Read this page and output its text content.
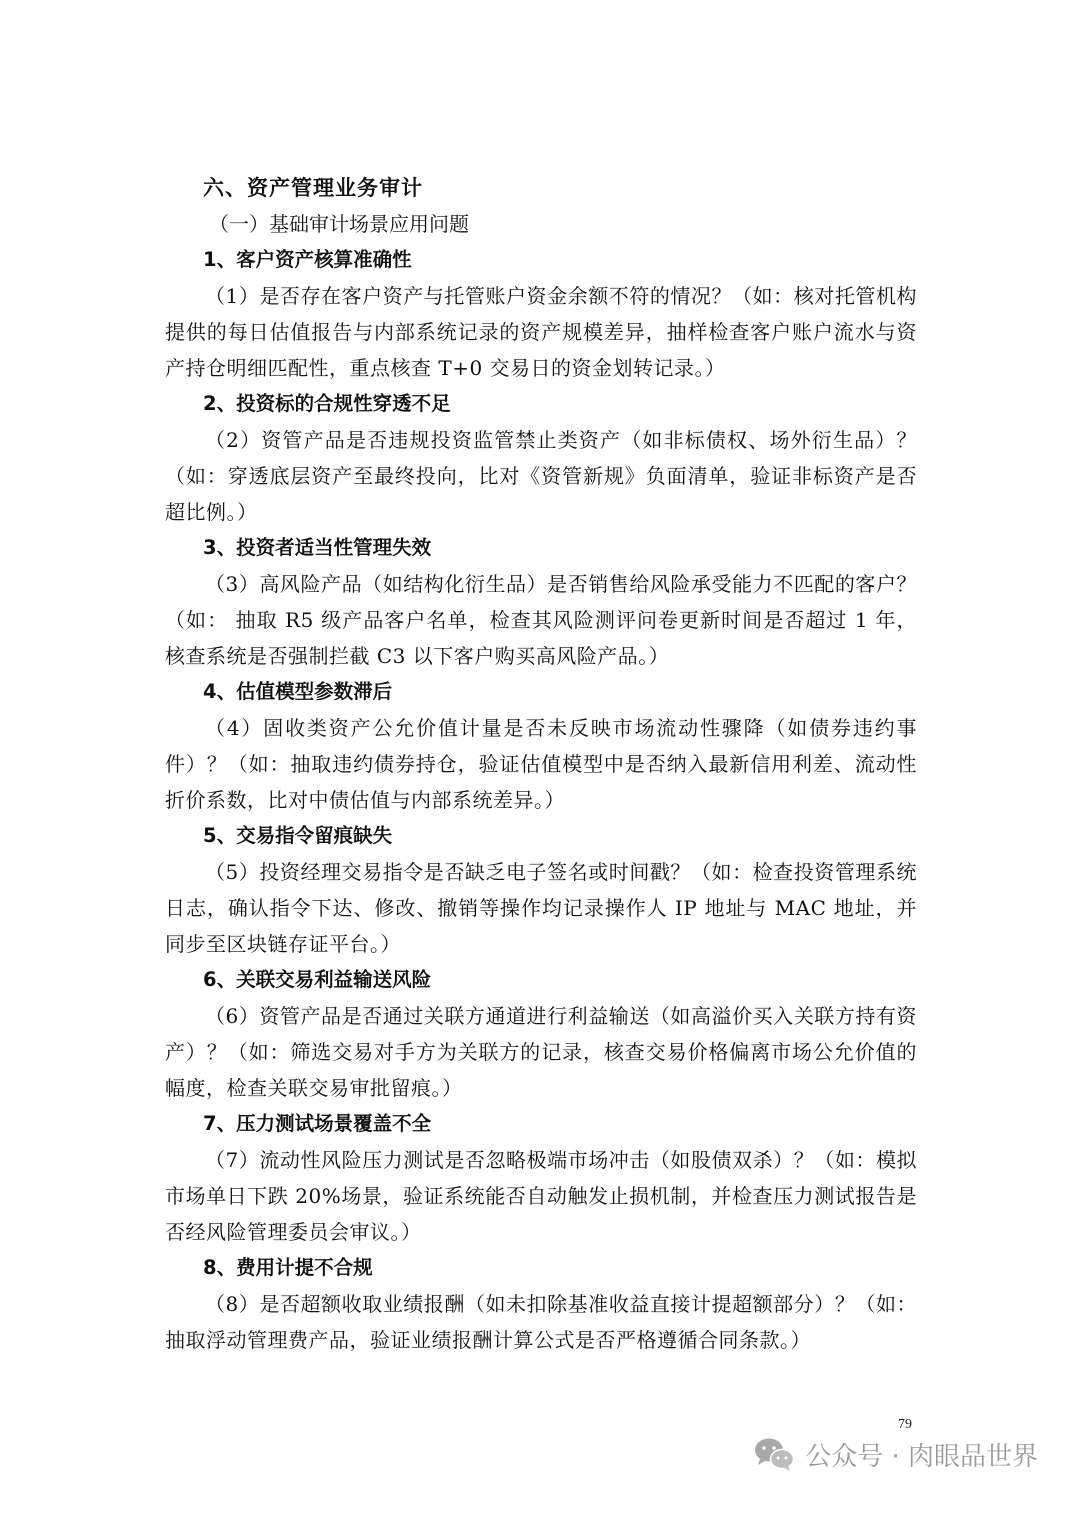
六、资产管理业务审计
（一）基础审计场景应用问题
1、客户资产核算准确性
（1）是否存在客户资产与托管账户资金余额不符的情况？（如：核对托管机构提供的每日估值报告与内部系统记录的资产规模差异，抽样检查客户账户流水与资产持仓明细匹配性，重点核查 T+0 交易日的资金划转记录。）
2、投资标的合规性穿透不足
（2）资管产品是否违规投资监管禁止类资产（如非标债权、场外衍生品）？（如：穿透底层资产至最终投向，比对《资管新规》负面清单，验证非标资产是否超比例。）
3、投资者适当性管理失效
（3）高风险产品（如结构化衍生品）是否销售给风险承受能力不匹配的客户？（如： 抽取 R5 级产品客户名单，检查其风险测评问卷更新时间是否超过 1 年，核查系统是否强制拦截 C3 以下客户购买高风险产品。）
4、估值模型参数滞后
（4）固收类资产公允价值计量是否未反映市场流动性骤降（如债券违约事件）？（如：抽取违约债券持仓，验证估值模型中是否纳入最新信用利差、流动性折价系数，比对中债估值与内部系统差异。）
5、交易指令留痕缺失
（5）投资经理交易指令是否缺乏电子签名或时间戳？（如：检查投资管理系统日志，确认指令下达、修改、撤销等操作均记录操作人 IP 地址与 MAC 地址，并同步至区块链存证平台。）
6、关联交易利益输送风险
（6）资管产品是否通过关联方通道进行利益输送（如高溢价买入关联方持有资产）？（如：筛选交易对手方为关联方的记录，核查交易价格偏离市场公允价值的幅度，检查关联交易审批留痕。）
7、压力测试场景覆盖不全
（7）流动性风险压力测试是否忽略极端市场冲击（如股债双杀）？（如：模拟市场单日下跌 20%场景，验证系统能否自动触发止损机制，并检查压力测试报告是否经风险管理委员会审议。）
8、费用计提不合规
（8）是否超额收取业绩报酬（如未扣除基准收益直接计提超额部分）？（如：抽取浮动管理费产品，验证业绩报酬计算公式是否严格遵循合同条款。）
79
公众号 · 肉眼品世界
